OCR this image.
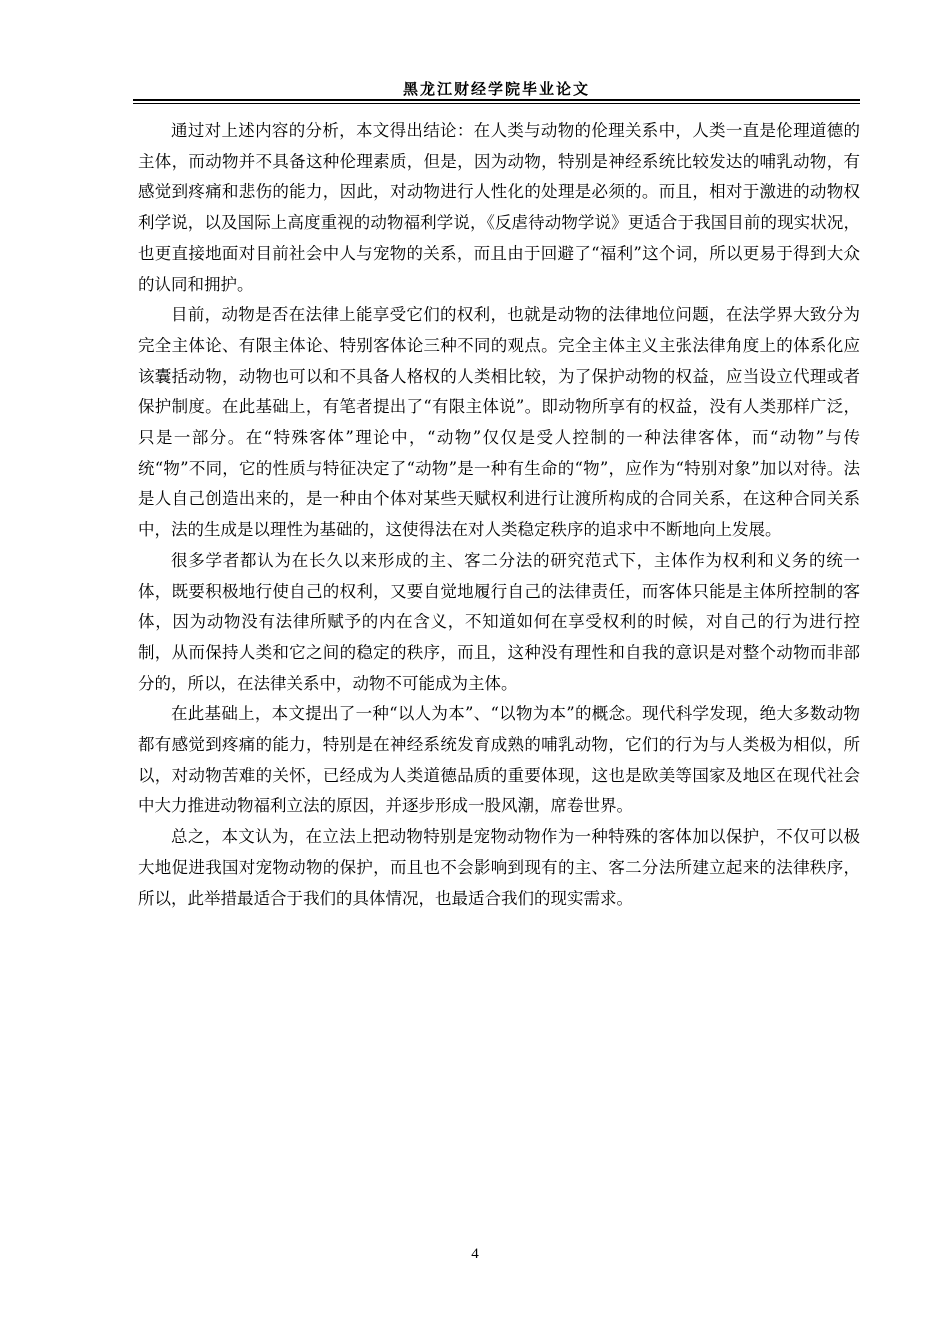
黑龙江财经学院毕业论文

通过对上述内容的分析，本文得出结论：在人类与动物的伦理关系中，人类一直是伦理道德的主体，而动物并不具备这种伦理素质，但是，因为动物，特别是神经系统比较发达的哺乳动物，有感觉到疼痛和悲伤的能力，因此，对动物进行人性化的处理是必须的。而且，相对于激进的动物权利学说，以及国际上高度重视的动物福利学说，《反虐待动物学说》更适合于我国目前的现实状况，也更直接地面对目前社会中人与宠物的关系，而且由于回避了“福利”这个词，所以更易于得到大众的认同和拥护。

目前，动物是否在法律上能享受它们的权利，也就是动物的法律地位问题，在法学界大致分为完全主体论、有限主体论、特别客体论三种不同的观点。完全主体主义主张法律角度上的体系化应该囊括动物，动物也可以和不具备人格权的人类相比较，为了保护动物的权益，应当设立代理或者保护制度。在此基础上，有笔者提出了“有限主体说”。即动物所享有的权益，没有人类那样广泛，只是一部分。在“特殊客体”理论中，“动物”仅仅是受人控制的一种法律客体，而“动物”与传统“物”不同，它的性质与特征决定了“动物”是一种有生命的“物”，应作为“特别对象”加以对待。法是人自己创造出来的，是一种由个体对某些天赋权利进行让渡所构成的合同关系，在这种合同关系中，法的生成是以理性为基础的，这使得法在对人类稳定秩序的追求中不断地向上发展。

很多学者都认为在长久以来形成的主、客二分法的研究范式下，主体作为权利和义务的统一体，既要积极地行使自己的权利，又要自觉地履行自己的法律责任，而客体只能是主体所控制的客体，因为动物没有法律所赋予的内在含义，不知道如何在享受权利的时候，对自己的行为进行控制，从而保持人类和它之间的稳定的秩序，而且，这种没有理性和自我的意识是对整个动物而非部分的，所以，在法律关系中，动物不可能成为主体。

在此基础上，本文提出了一种“以人为本”、“以物为本”的概念。现代科学发现，绝大多数动物都有感觉到疼痛的能力，特别是在神经系统发育成熟的哺乳动物，它们的行为与人类极为相似，所以，对动物苦难的关怀，已经成为人类道德品质的重要体现，这也是欧美等国家及地区在现代社会中大力推进动物福利立法的原因，并逐步形成一股风潮，席卷世界。

总之，本文认为，在立法上把动物特别是宠物动物作为一种特殊的客体加以保护，不仅可以极大地促进我国对宠物动物的保护，而且也不会影响到现有的主、客二分法所建立起来的法律秩序，所以，此举措最适合于我们的具体情况，也最适合我们的现实需求。

4
